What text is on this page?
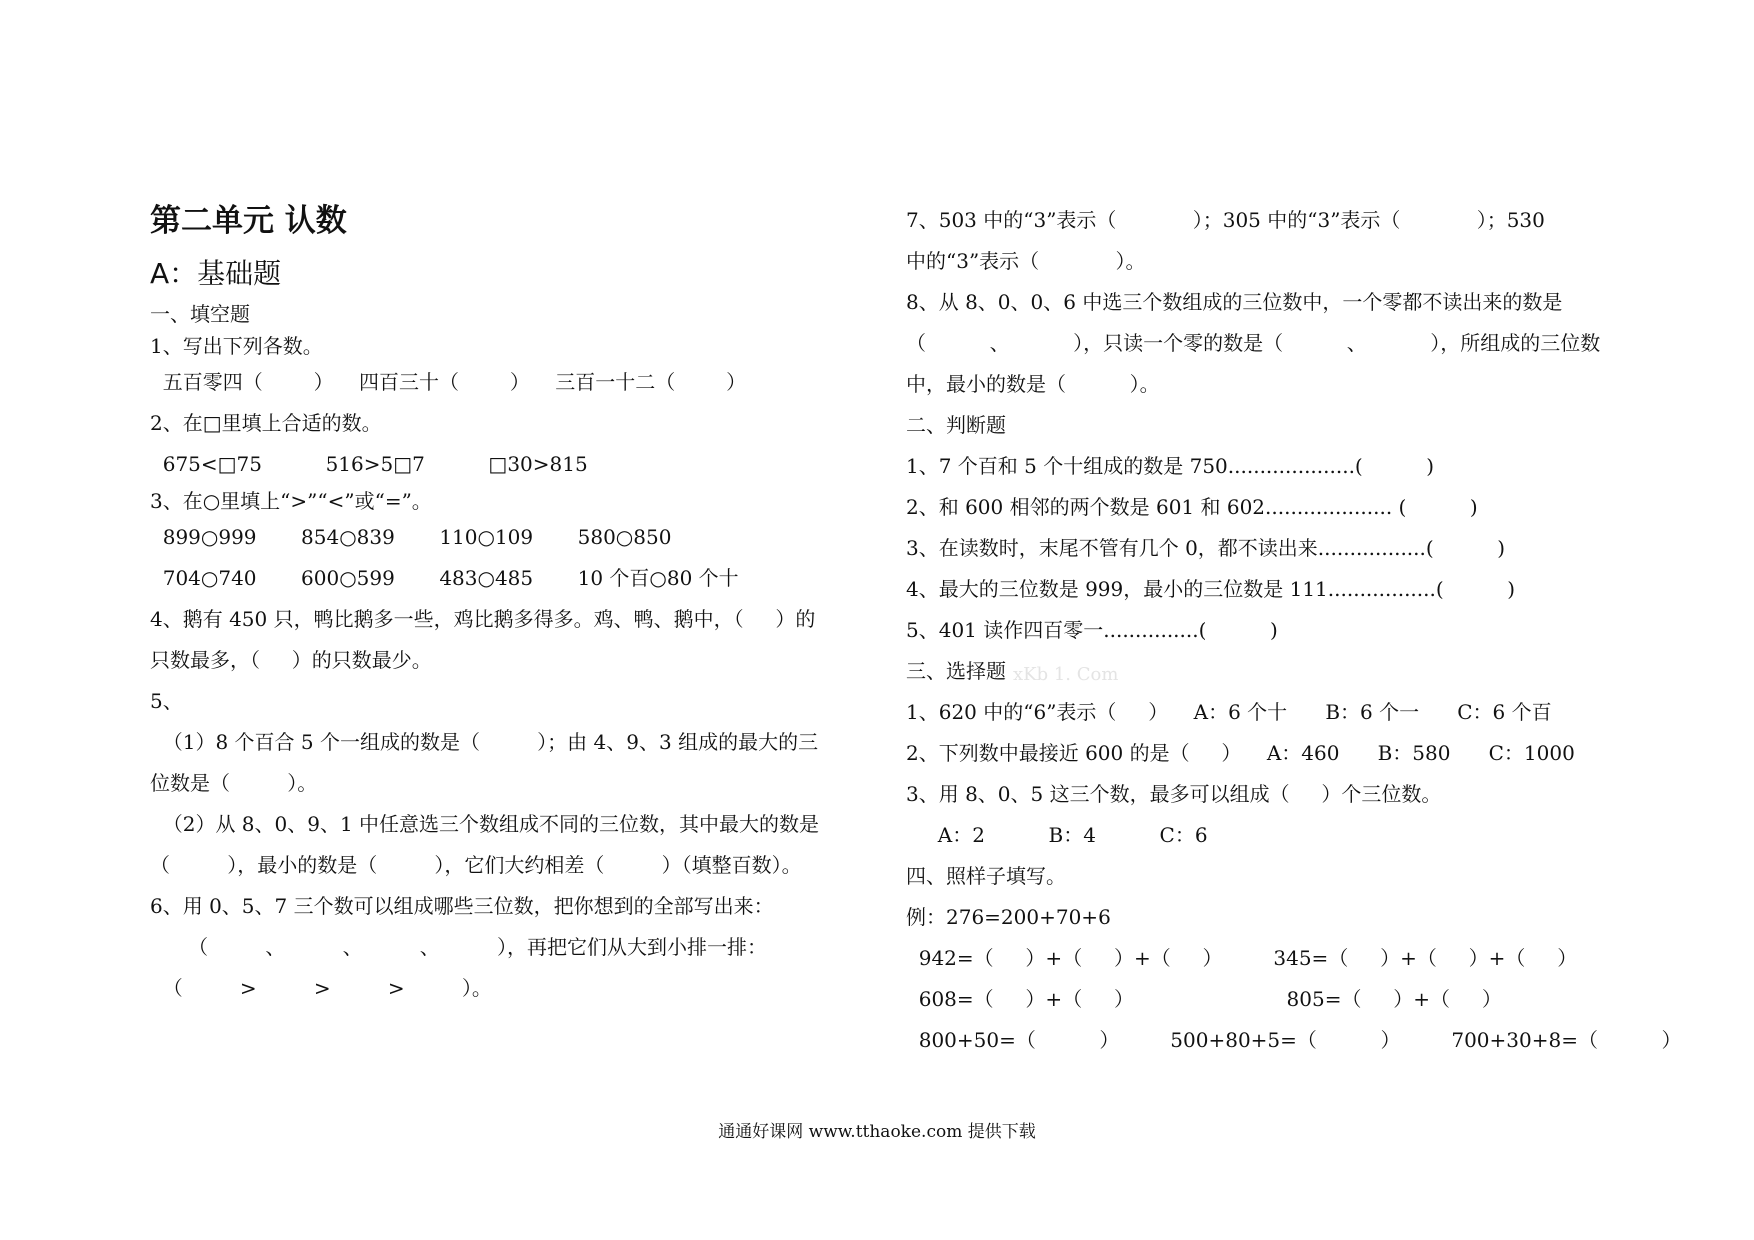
第二单元 认数
A：基础题
一、填空题
1、写出下列各数。
五百零四（        ）    四百三十（        ）    三百一十二（        ）
2、在□里填上合适的数。
675<□75          516>5□7          □30>815
3、在○里填上“>”“<”或“=”。
899○999       854○839       110○109       580○850
704○740       600○599       483○485       10 个百○80 个十
4、鹅有 450 只，鸭比鹅多一些，鸡比鹅多得多。鸡、鸭、鹅中，（     ）的
只数最多，（     ）的只数最少。
5、
（1）8 个百合 5 个一组成的数是（         ）；由 4、9、3 组成的最大的三
位数是（         ）。
（2）从 8、0、9、1 中任意选三个数组成不同的三位数，其中最大的数是
（         ），最小的数是（         ），它们大约相差（         ）（填整百数）。
6、用 0、5、7 三个数可以组成哪些三位数，把你想到的全部写出来：
（         、         、         、         ），再把它们从大到小排一排：
（         >         >         >         ）。
7、503 中的“3”表示（            ）；305 中的“3”表示（            ）；530
中的“3”表示（            ）。
8、从 8、0、0、6 中选三个数组成的三位数中，一个零都不读出来的数是
（          、          ），只读一个零的数是（          、          ），所组成的三位数
中，最小的数是（          ）。
二、判断题
1、7 个百和 5 个十组成的数是 750....................(          )
2、和 600 相邻的两个数是 601 和 602.................... (          )
3、在读数时，末尾不管有几个 0，都不读出来.................(          )
4、最大的三位数是 999，最小的三位数是 111.................(          )
5、401 读作四百零一...............(          )
三、选择题
1、620 中的“6”表示（     ）    A：6 个十      B：6 个一      C：6 个百
2、下列数中最接近 600 的是（     ）    A：460      B：580      C：1000
3、用 8、0、5 这三个数，最多可以组成（     ）个三位数。
A：2          B：4          C：6
四、照样子填写。
例：276=200+70+6
942=（     ）+（     ）+（     ）        345=（     ）+（     ）+（     ）
608=（     ）+（     ）                        805=（     ）+（     ）
800+50=（          ）        500+80+5=（          ）        700+30+8=（          ）
xKb 1. Com
通通好课网 www.tthaoke.com 提供下载
